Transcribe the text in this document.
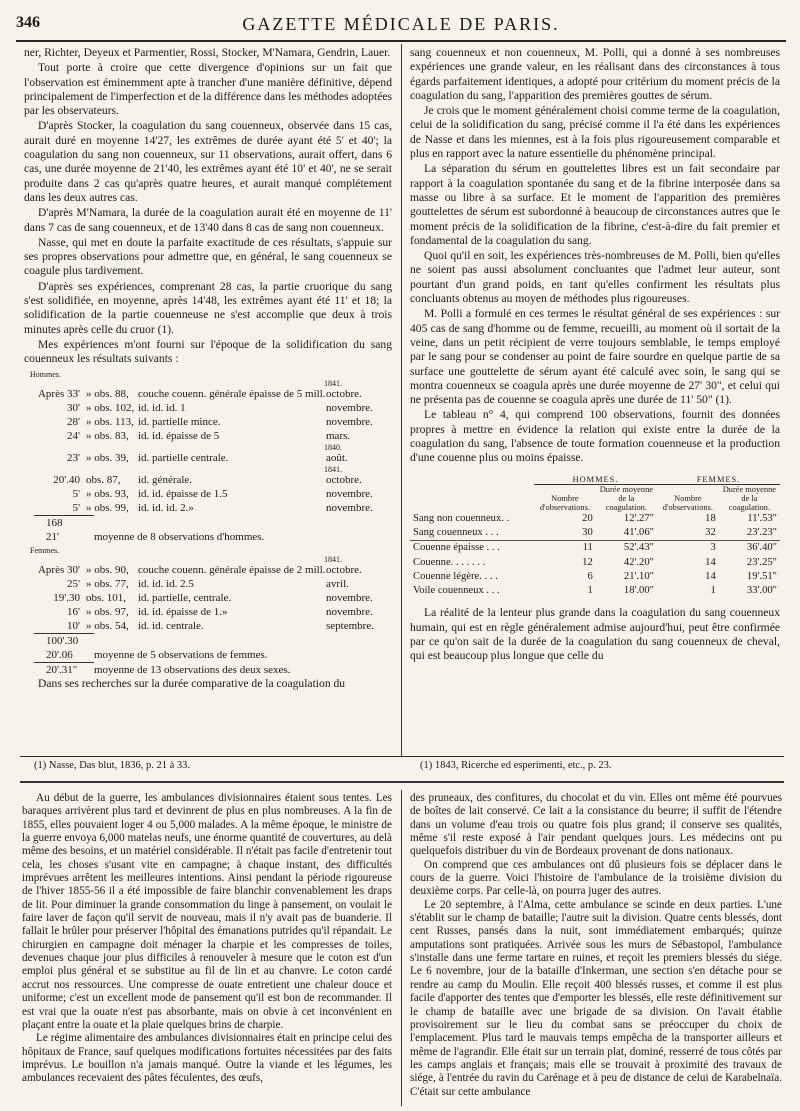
346	GAZETTE MÉDICALE DE PARIS.

ner, Richter, Deyeux et Parmentier, Rossi, Stocker, M'Namara, Gendrin, Lauer.

Tout porte à croire que cette divergence d'opinions sur un fait que l'observation est éminemment apte à trancher d'une manière définitive, dépend principalement de l'imperfection et de la différence dans les méthodes adoptées par les observateurs.

D'après Stocker, la coagulation du sang couenneux, observée dans 15 cas, aurait duré en moyenne 14'27, les extrêmes de durée ayant été 5' et 40'; la coagulation du sang non couenneux, sur 11 observations, aurait offert, dans 6 cas, une durée moyenne de 21'40, les extrêmes ayant été 10' et 40', ne se serait produite dans 2 cas qu'après quatre heures, et aurait manqué complétement dans les deux autres cas.

D'après M'Namara, la durée de la coagulation aurait été en moyenne de 11' dans 7 cas de sang couenneux, et de 13'40 dans 8 cas de sang non couenneux.

Nasse, qui met en doute la parfaite exactitude de ces résultats, s'appuie sur ses propres observations pour admettre que, en général, le sang couenneux se coagule plus tardivement.

D'après ses expériences, comprenant 28 cas, la partie cruorique du sang s'est solidifiée, en moyenne, après 14'48, les extrêmes ayant été 11' et 18; la solidification de la partie couenneuse ne s'est accomplie que deux à trois minutes après celle du cruor (1).

Mes expériences m'ont fourni sur l'époque de la solidification du sang couenneux les résultats suivants :

Hommes.
1841.
Après 33' » obs. 88, couche couenn. générale épaisse de 5 mill. octobre.
30' » obs. 102, id. id. id. 1	novembre.
28' » obs. 113, id. partielle mince.	novembre.
24' » obs. 83, id. id. épaisse de 5	mars.
1840.
23' » obs. 39, id. partielle centrale.	août.
1841.
20'.40 obs. 87, id. générale.	octobre.
5' » obs. 93, id. id. épaisse de 1.5	novembre.
5' » obs. 99, id. id. id. 2.»	novembre.
168
21'	moyenne de 8 observations d'hommes.
Femmes.
1841.
Après 30' » obs. 90, couche couenn. générale épaisse de 2 mill. octobre.
25' » obs. 77, id. id. id. 2.5	avril.
19'.30 obs. 101, id. partielle, centrale.	novembre.
16' » obs. 97, id. id. épaisse de 1.»	novembre.
10' » obs. 54, id. id. centrale.	septembre.
100'.30
20'.06 moyenne de 5 observations de femmes.
20'.31" moyenne de 13 observations des deux sexes.

Dans ses recherches sur la durée comparative de la coagulation du

sang couenneux et non couenneux, M. Polli, qui a donné à ses nombreuses expériences une grande valeur, en les réalisant dans des circonstances à tous égards parfaitement identiques, a adopté pour critérium du moment précis de la coagulation du sang, l'apparition des premières gouttes de sérum.

Je crois que le moment généralement choisi comme terme de la coagulation, celui de la solidification du sang, précisé comme il l'a été dans les expériences de Nasse et dans les miennes, est à la fois plus rigoureusement comparable et plus en rapport avec la nature essentielle du phénomène principal.

La séparation du sérum en gouttelettes libres est un fait secondaire par rapport à la coagulation spontanée du sang et de la fibrine interposée dans sa masse ou libre à sa surface. Et le moment de l'apparition des premières gouttelettes de sérum est subordonné à beaucoup de circonstances autres que le moment précis de la solidification de la fibrine, c'est-à-dire du fait premier et fondamental de la coagulation du sang.

Quoi qu'il en soit, les expériences très-nombreuses de M. Polli, bien qu'elles ne soient pas aussi absolument concluantes que l'admet leur auteur, sont pourtant d'un grand poids, en tant qu'elles confirment les résultats plus concluants obtenus au moyen de méthodes plus rigoureuses.

M. Polli a formulé en ces termes le résultat général de ses expériences : sur 405 cas de sang d'homme ou de femme, recueilli, au moment où il sortait de la veine, dans un petit récipient de verre toujours semblable, le temps employé par le sang pour se condenser au point de faire sourdre en quelque partie de sa surface une gouttelette de sérum ayant été calculé avec soin, le sang qui se montra couenneux se coagula après une durée moyenne de 27' 30", et celui qui ne présenta pas de couenne se coagula après une durée de 11' 50" (1).

Le tableau n° 4, qui comprend 100 observations, fournit des données propres à mettre en évidence la relation qui existe entre la durée de la coagulation du sang, l'absence de toute formation couenneuse et la production d'une couenne plus ou moins épaisse.

	HOMMES.		FEMMES.	
	Nombre d'observations.	Durée moyenne de la coagulation.	Nombre d'observations.	Durée moyenne de la coagulation.
Sang non couenneux. .	20	12'.27"	18	11'.53"
Sang couenneux . . .	30	41'.06"	32	23'.23"
Couenne épaisse . . .	11	52'.43"	3	36'.40"
Couenne. . . . . . .	12	42'.20"	14	23'.25"
Couenne légère. . . .	6	21'.10"	14	19'.51"
Voile couenneux . . .	1	18'.00"	1	33'.00"

La réalité de la lenteur plus grande dans la coagulation du sang couenneux humain, qui est en règle généralement admise aujourd'hui, peut être confirmée par ce qu'on sait de la durée de la coagulation du sang couenneux de cheval, qui est beaucoup plus longue que celle du

(1) Nasse, Das blut, 1836, p. 21 à 33.	(1) 1843, Ricerche ed esperimenti, etc., p. 23.

Au début de la guerre, les ambulances divisionnaires étaient sous tentes. Les baraques arrivèrent plus tard et devinrent de plus en plus nombreuses. A la fin de 1855, elles pouvaient loger 4 ou 5,000 malades. A la même époque, le ministre de la guerre envoya 6,000 matelas neufs, une énorme quantité de couvertures, au delà même des besoins, et un matériel considérable. Il n'était pas facile d'entretenir tout cela, les choses s'usant vite en campagne; à chaque instant, des difficultés imprévues arrêtent les meilleures intentions. Ainsi pendant la période rigoureuse de l'hiver 1855-56 il a été impossible de faire blanchir convenablement les draps de lit. Pour diminuer la grande consommation du linge à pansement, on voulait le faire laver de façon qu'il servit de nouveau, mais il n'y avait pas de buanderie. Il fallait le brûler pour préserver l'hôpital des émanations putrides qu'il répandait. Le chirurgien en campagne doit ménager la charpie et les compresses de toiles, devenues chaque jour plus difficiles à renouveler à mesure que le coton est d'un emploi plus général et se substitue au fil de lin et au chanvre. Le coton cardé accrut nos ressources. Une compresse de ouate entretient une chaleur douce et uniforme; c'est un excellent mode de pansement qu'il est bon de recommander. Il est vrai que la ouate n'est pas absorbante, mais on obvie à cet inconvénient en plaçant entre la ouate et la plaie quelques brins de charpie.

Le régime alimentaire des ambulances divisionnaires était en principe celui des hôpitaux de France, sauf quelques modifications fortuites nécessitées par des faits imprévus. Le bouillon n'a jamais manqué. Outre la viande et les légumes, les ambulances recevaient des pâtes féculentes, des œufs,

des pruneaux, des confitures, du chocolat et du vin. Elles ont même été pourvues de boîtes de lait conservé. Ce lait a la consistance du beurre; il suffit de l'étendre dans un volume d'eau trois ou quatre fois plus grand; il conserve ses qualités, même s'il reste exposé à l'air pendant quelques jours. Les médecins ont pu quelquefois distribuer du vin de Bordeaux provenant de dons nationaux.

On comprend que ces ambulances ont dû plusieurs fois se déplacer dans le cours de la guerre. Voici l'histoire de l'ambulance de la troisième division du deuxième corps. Par celle-là, on pourra juger des autres.

Le 20 septembre, à l'Alma, cette ambulance se scinde en deux parties. L'une s'établit sur le champ de bataille; l'autre suit la division. Quatre cents blessés, dont cent Russes, pansés dans la nuit, sont immédiatement embarqués; quinze amputations sont pratiquées. Arrivée sous les murs de Sébastopol, l'ambulance s'installe dans une ferme tartare en ruines, et reçoit les premiers blessés du siége. Le 6 novembre, jour de la bataille d'Inkerman, une section s'en détache pour se rendre au camp du Moulin. Elle reçoit 400 blessés russes, et comme il est plus facile d'apporter des tentes que d'emporter les blessés, elle reste définitivement sur le champ de bataille avec une brigade de sa division. On l'avait établie provisoirement sur le lieu du combat sans se préoccuper du choix de l'emplacement. Plus tard le mauvais temps empêcha de la transporter ailleurs et même de l'agrandir. Elle était sur un terrain plat, dominé, resserré de tous côtés par les camps anglais et français; mais elle se trouvait à proximité des travaux de siége, à l'entrée du ravin du Carénage et à peu de distance de celui de Karabelnaïa. C'était sur cette ambulance
